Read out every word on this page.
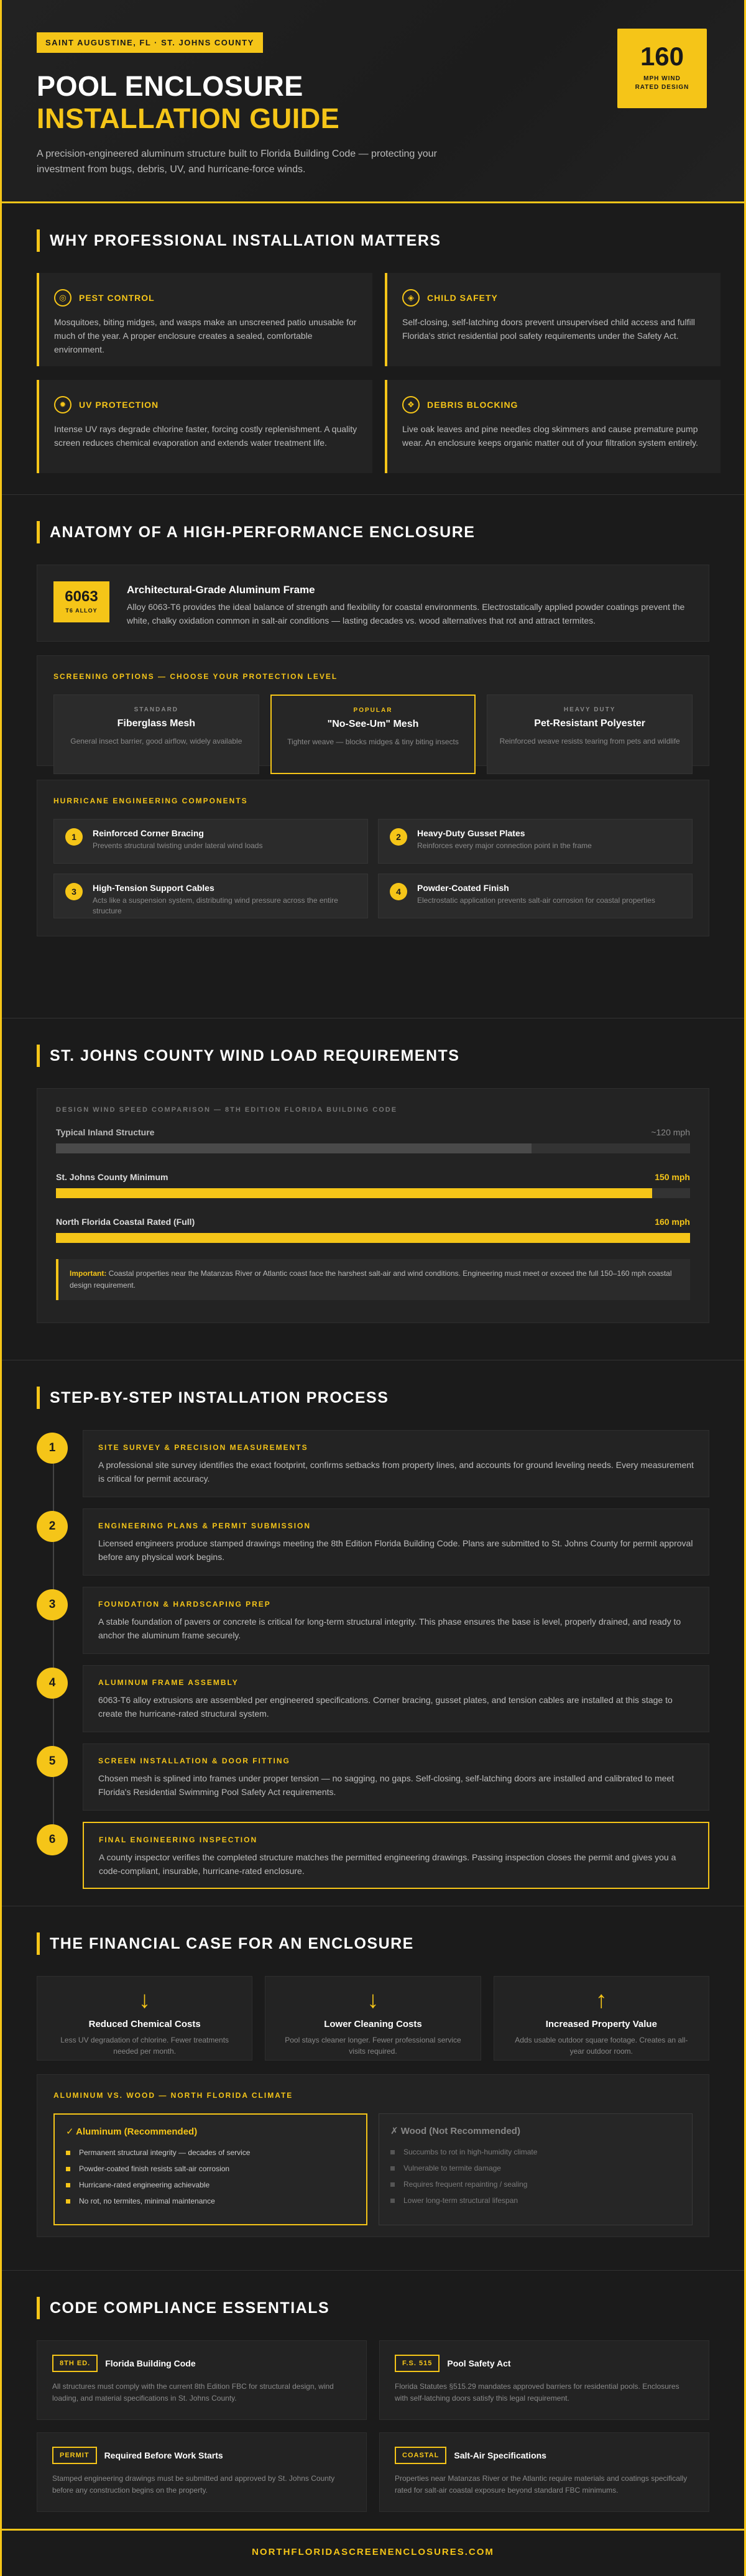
SAINT AUGUSTINE, FL · ST. JOHNS COUNTY
POOL ENCLOSURE
INSTALLATION GUIDE

A precision-engineered aluminum structure built to Florida Building Code — protecting your investment from bugs, debris, UV, and hurricane-force winds.

160
MPH WIND RATED DESIGN
WHY PROFESSIONAL INSTALLATION MATTERS
◎	PEST CONTROL

Mosquitoes, biting midges, and wasps make an unscreened patio unusable for much of the year. A proper enclosure creates a sealed, comfortable environment.

◈	CHILD SAFETY

Self-closing, self-latching doors prevent unsupervised child access and fulfill Florida's strict residential pool safety requirements under the Safety Act.

✹	UV PROTECTION

Intense UV rays degrade chlorine faster, forcing costly replenishment. A quality screen reduces chemical evaporation and extends water treatment life.

❖	DEBRIS BLOCKING

Live oak leaves and pine needles clog skimmers and cause premature pump wear. An enclosure keeps organic matter out of your filtration system entirely.

ANATOMY OF A HIGH-PERFORMANCE ENCLOSURE
6063
T6 ALLOY
Architectural-Grade Aluminum Frame

Alloy 6063-T6 provides the ideal balance of strength and flexibility for coastal environments. Electrostatically applied powder coatings prevent the white, chalky oxidation common in salt-air conditions — lasting decades vs. wood alternatives that rot and attract termites.

SCREENING OPTIONS — CHOOSE YOUR PROTECTION LEVEL
STANDARD
Fiberglass Mesh
General insect barrier, good airflow, widely available
POPULAR
"No-See-Um" Mesh
Tighter weave — blocks midges & tiny biting insects
HEAVY DUTY
Pet-Resistant Polyester
Reinforced weave resists tearing from pets and wildlife
HURRICANE ENGINEERING COMPONENTS
1	Reinforced Corner Bracing
Prevents structural twisting under lateral wind loads
2	Heavy-Duty Gusset Plates
Reinforces every major connection point in the frame
3	High-Tension Support Cables
Acts like a suspension system, distributing wind pressure across the entire structure
4	Powder-Coated Finish
Electrostatic application prevents salt-air corrosion for coastal properties
ST. JOHNS COUNTY WIND LOAD REQUIREMENTS
DESIGN WIND SPEED COMPARISON — 8TH EDITION FLORIDA BUILDING CODE
Typical Inland Structure	~120 mph
St. Johns County Minimum	150 mph
North Florida Coastal Rated (Full)	160 mph
Important: Coastal properties near the Matanzas River or Atlantic coast face the harshest salt-air and wind conditions. Engineering must meet or exceed the full 150–160 mph coastal design requirement.
STEP-BY-STEP INSTALLATION PROCESS
1	SITE SURVEY & PRECISION MEASUREMENTS

A professional site survey identifies the exact footprint, confirms setbacks from property lines, and accounts for ground leveling needs. Every measurement is critical for permit accuracy.

2	ENGINEERING PLANS & PERMIT SUBMISSION

Licensed engineers produce stamped drawings meeting the 8th Edition Florida Building Code. Plans are submitted to St. Johns County for permit approval before any physical work begins.

3	FOUNDATION & HARDSCAPING PREP

A stable foundation of pavers or concrete is critical for long-term structural integrity. This phase ensures the base is level, properly drained, and ready to anchor the aluminum frame securely.

4	ALUMINUM FRAME ASSEMBLY

6063-T6 alloy extrusions are assembled per engineered specifications. Corner bracing, gusset plates, and tension cables are installed at this stage to create the hurricane-rated structural system.

5	SCREEN INSTALLATION & DOOR FITTING

Chosen mesh is splined into frames under proper tension — no sagging, no gaps. Self-closing, self-latching doors are installed and calibrated to meet Florida's Residential Swimming Pool Safety Act requirements.

6	FINAL ENGINEERING INSPECTION

A county inspector verifies the completed structure matches the permitted engineering drawings. Passing inspection closes the permit and gives you a code-compliant, insurable, hurricane-rated enclosure.

THE FINANCIAL CASE FOR AN ENCLOSURE
↓
Reduced Chemical Costs
Less UV degradation of chlorine. Fewer treatments needed per month.
↓
Lower Cleaning Costs
Pool stays cleaner longer. Fewer professional service visits required.
↑
Increased Property Value
Adds usable outdoor square footage. Creates an all-year outdoor room.
ALUMINUM VS. WOOD — NORTH FLORIDA CLIMATE
✓ Aluminum (Recommended)
Permanent structural integrity — decades of service
Powder-coated finish resists salt-air corrosion
Hurricane-rated engineering achievable
No rot, no termites, minimal maintenance
✗ Wood (Not Recommended)
Succumbs to rot in high-humidity climate
Vulnerable to termite damage
Requires frequent repainting / sealing
Lower long-term structural lifespan
CODE COMPLIANCE ESSENTIALS
8TH ED.	Florida Building Code

All structures must comply with the current 8th Edition FBC for structural design, wind loading, and material specifications in St. Johns County.

F.S. 515	Pool Safety Act

Florida Statutes §515.29 mandates approved barriers for residential pools. Enclosures with self-latching doors satisfy this legal requirement.

PERMIT	Required Before Work Starts

Stamped engineering drawings must be submitted and approved by St. Johns County before any construction begins on the property.

COASTAL	Salt-Air Specifications

Properties near Matanzas River or the Atlantic require materials and coatings specifically rated for salt-air coastal exposure beyond standard FBC minimums.

NORTHFLORIDASCREENENCLOSURES.COM
